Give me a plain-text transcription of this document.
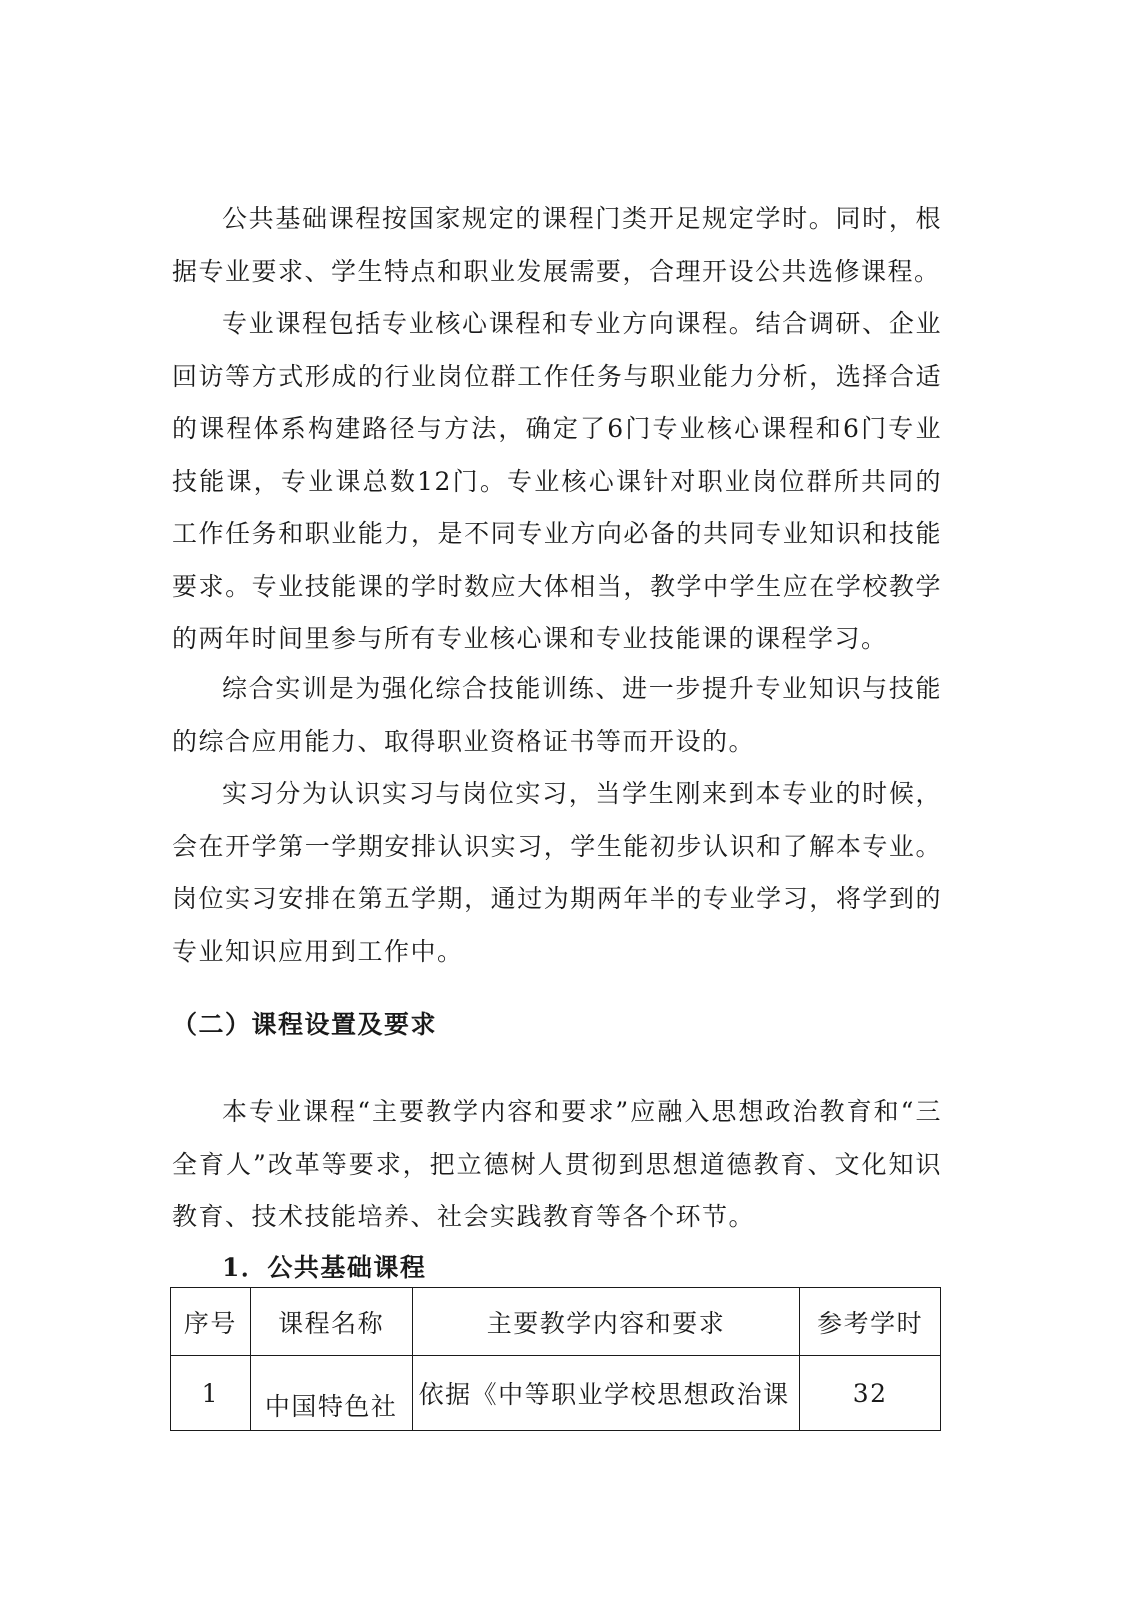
公共基础课程按国家规定的课程门类开足规定学时。同时，根据专业要求、学生特点和职业发展需要，合理开设公共选修课程。

专业课程包括专业核心课程和专业方向课程。结合调研、企业回访等方式形成的行业岗位群工作任务与职业能力分析，选择合适的课程体系构建路径与方法，确定了6门专业核心课程和6门专业技能课，专业课总数12门。专业核心课针对职业岗位群所共同的工作任务和职业能力，是不同专业方向必备的共同专业知识和技能要求。专业技能课的学时数应大体相当，教学中学生应在学校教学的两年时间里参与所有专业核心课和专业技能课的课程学习。

综合实训是为强化综合技能训练、进一步提升专业知识与技能的综合应用能力、取得职业资格证书等而开设的。

实习分为认识实习与岗位实习，当学生刚来到本专业的时候，会在开学第一学期安排认识实习，学生能初步认识和了解本专业。岗位实习安排在第五学期，通过为期两年半的专业学习，将学到的专业知识应用到工作中。

（二）课程设置及要求

本专业课程“主要教学内容和要求”应融入思想政治教育和“三全育人”改革等要求，把立德树人贯彻到思想道德教育、文化知识教育、技术技能培养、社会实践教育等各个环节。

1．公共基础课程
序号	课程名称	主要教学内容和要求	参考学时
1	中国特色社	依据《中等职业学校思想政治课	32
